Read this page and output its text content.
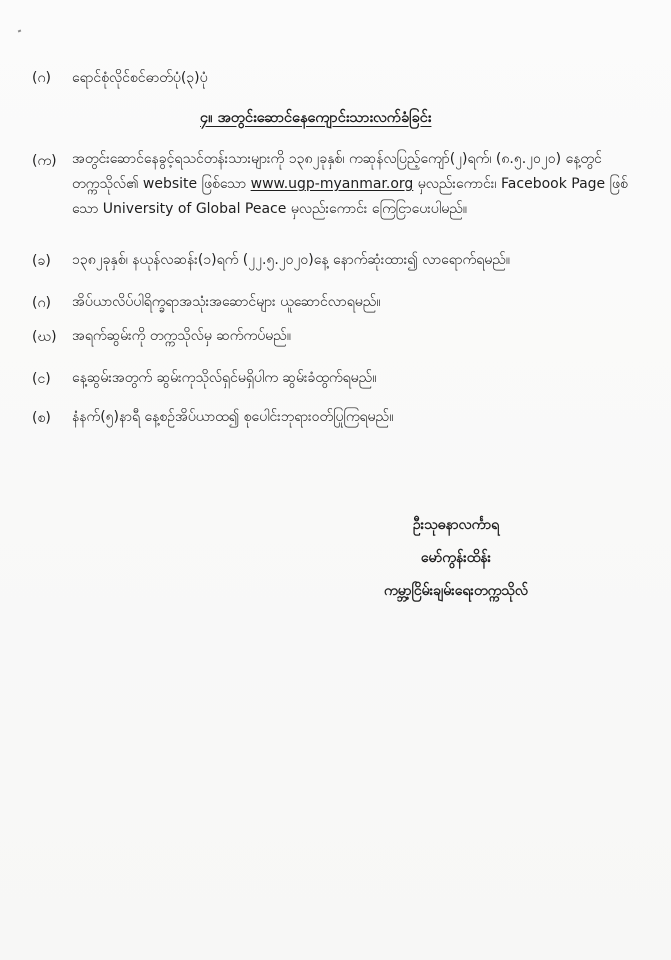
(ဂ)	ရောင်စုံလိုင်စင်ဓာတ်ပုံ(၃)ပုံ
၄။ အတွင်းဆောင်နေကျောင်းသားလက်ခံခြင်း
(က)	အတွင်းဆောင်နေခွင့်ရသင်တန်းသားများကို ၁၃၈၂ခုနှစ်၊ ကဆုန်လပြည့်ကျော်(၂)ရက်၊ (၈.၅.၂၀၂၀) နေ့တွင် တက္ကသိုလ်၏ website ဖြစ်သော www.ugp-myanmar.org မှလည်းကောင်း၊ Facebook Page ဖြစ်သော University of Global Peace မှလည်းကောင်း ကြေငြာပေးပါမည်။
(ခ)	၁၃၈၂ခုနှစ်၊ နယုန်လဆန်း(၁)ရက် (၂၂.၅.၂၀၂၀)နေ့ နောက်ဆုံးထား၍ လာရောက်ရမည်။
(ဂ)	အိပ်ယာလိပ်ပါရိက္ခရာအသုံးအဆောင်များ ယူဆောင်လာရမည်။
(ဃ)	အရက်ဆွမ်းကို တက္ကသိုလ်မှ ဆက်ကပ်မည်။
(င)	နေ့ဆွမ်းအတွက် ဆွမ်းကုသိုလ်ရှင်မရှိပါက ဆွမ်းခံထွက်ရမည်။
(စ)	နံနက်(၅)နာရီ နေ့စဉ်အိပ်ယာထ၍ စုပေါင်းဘုရားဝတ်ပြုကြရမည်။
ဦးသုဓနာလင်္ကာရ
မော်ကွန်းထိန်း
ကမ္ဘာ့ငြိမ်းချမ်းရေးတက္ကသိုလ်
